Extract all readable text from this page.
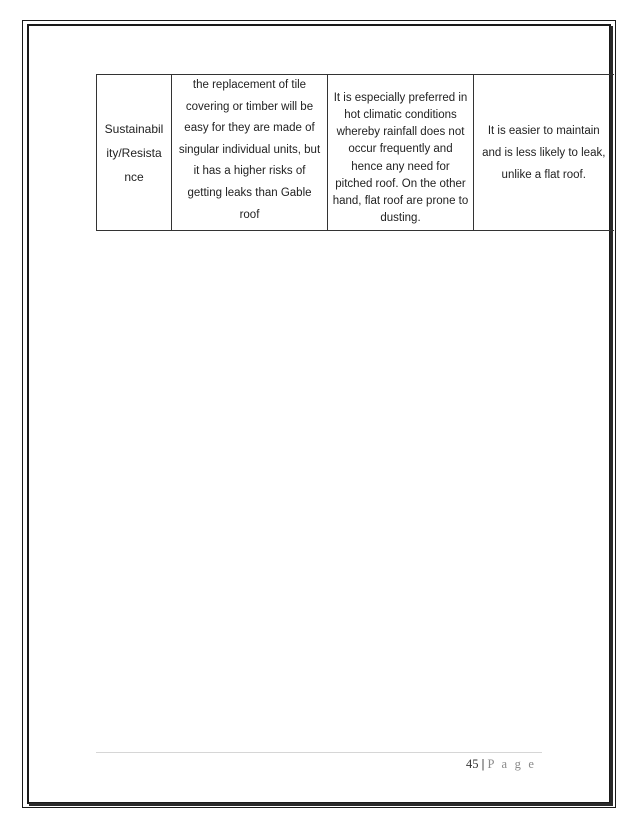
Sustainabil ity/Resista nce	the replacement of tile covering or timber will be easy for they are made of singular individual units, but it has a higher risks of getting leaks than Gable roof	It is especially preferred in hot climatic conditions whereby rainfall does not occur frequently and hence any need for pitched roof. On the other hand, flat roof are prone to dusting.	It is easier to maintain and is less likely to leak, unlike a flat roof.
45 | P a g e
